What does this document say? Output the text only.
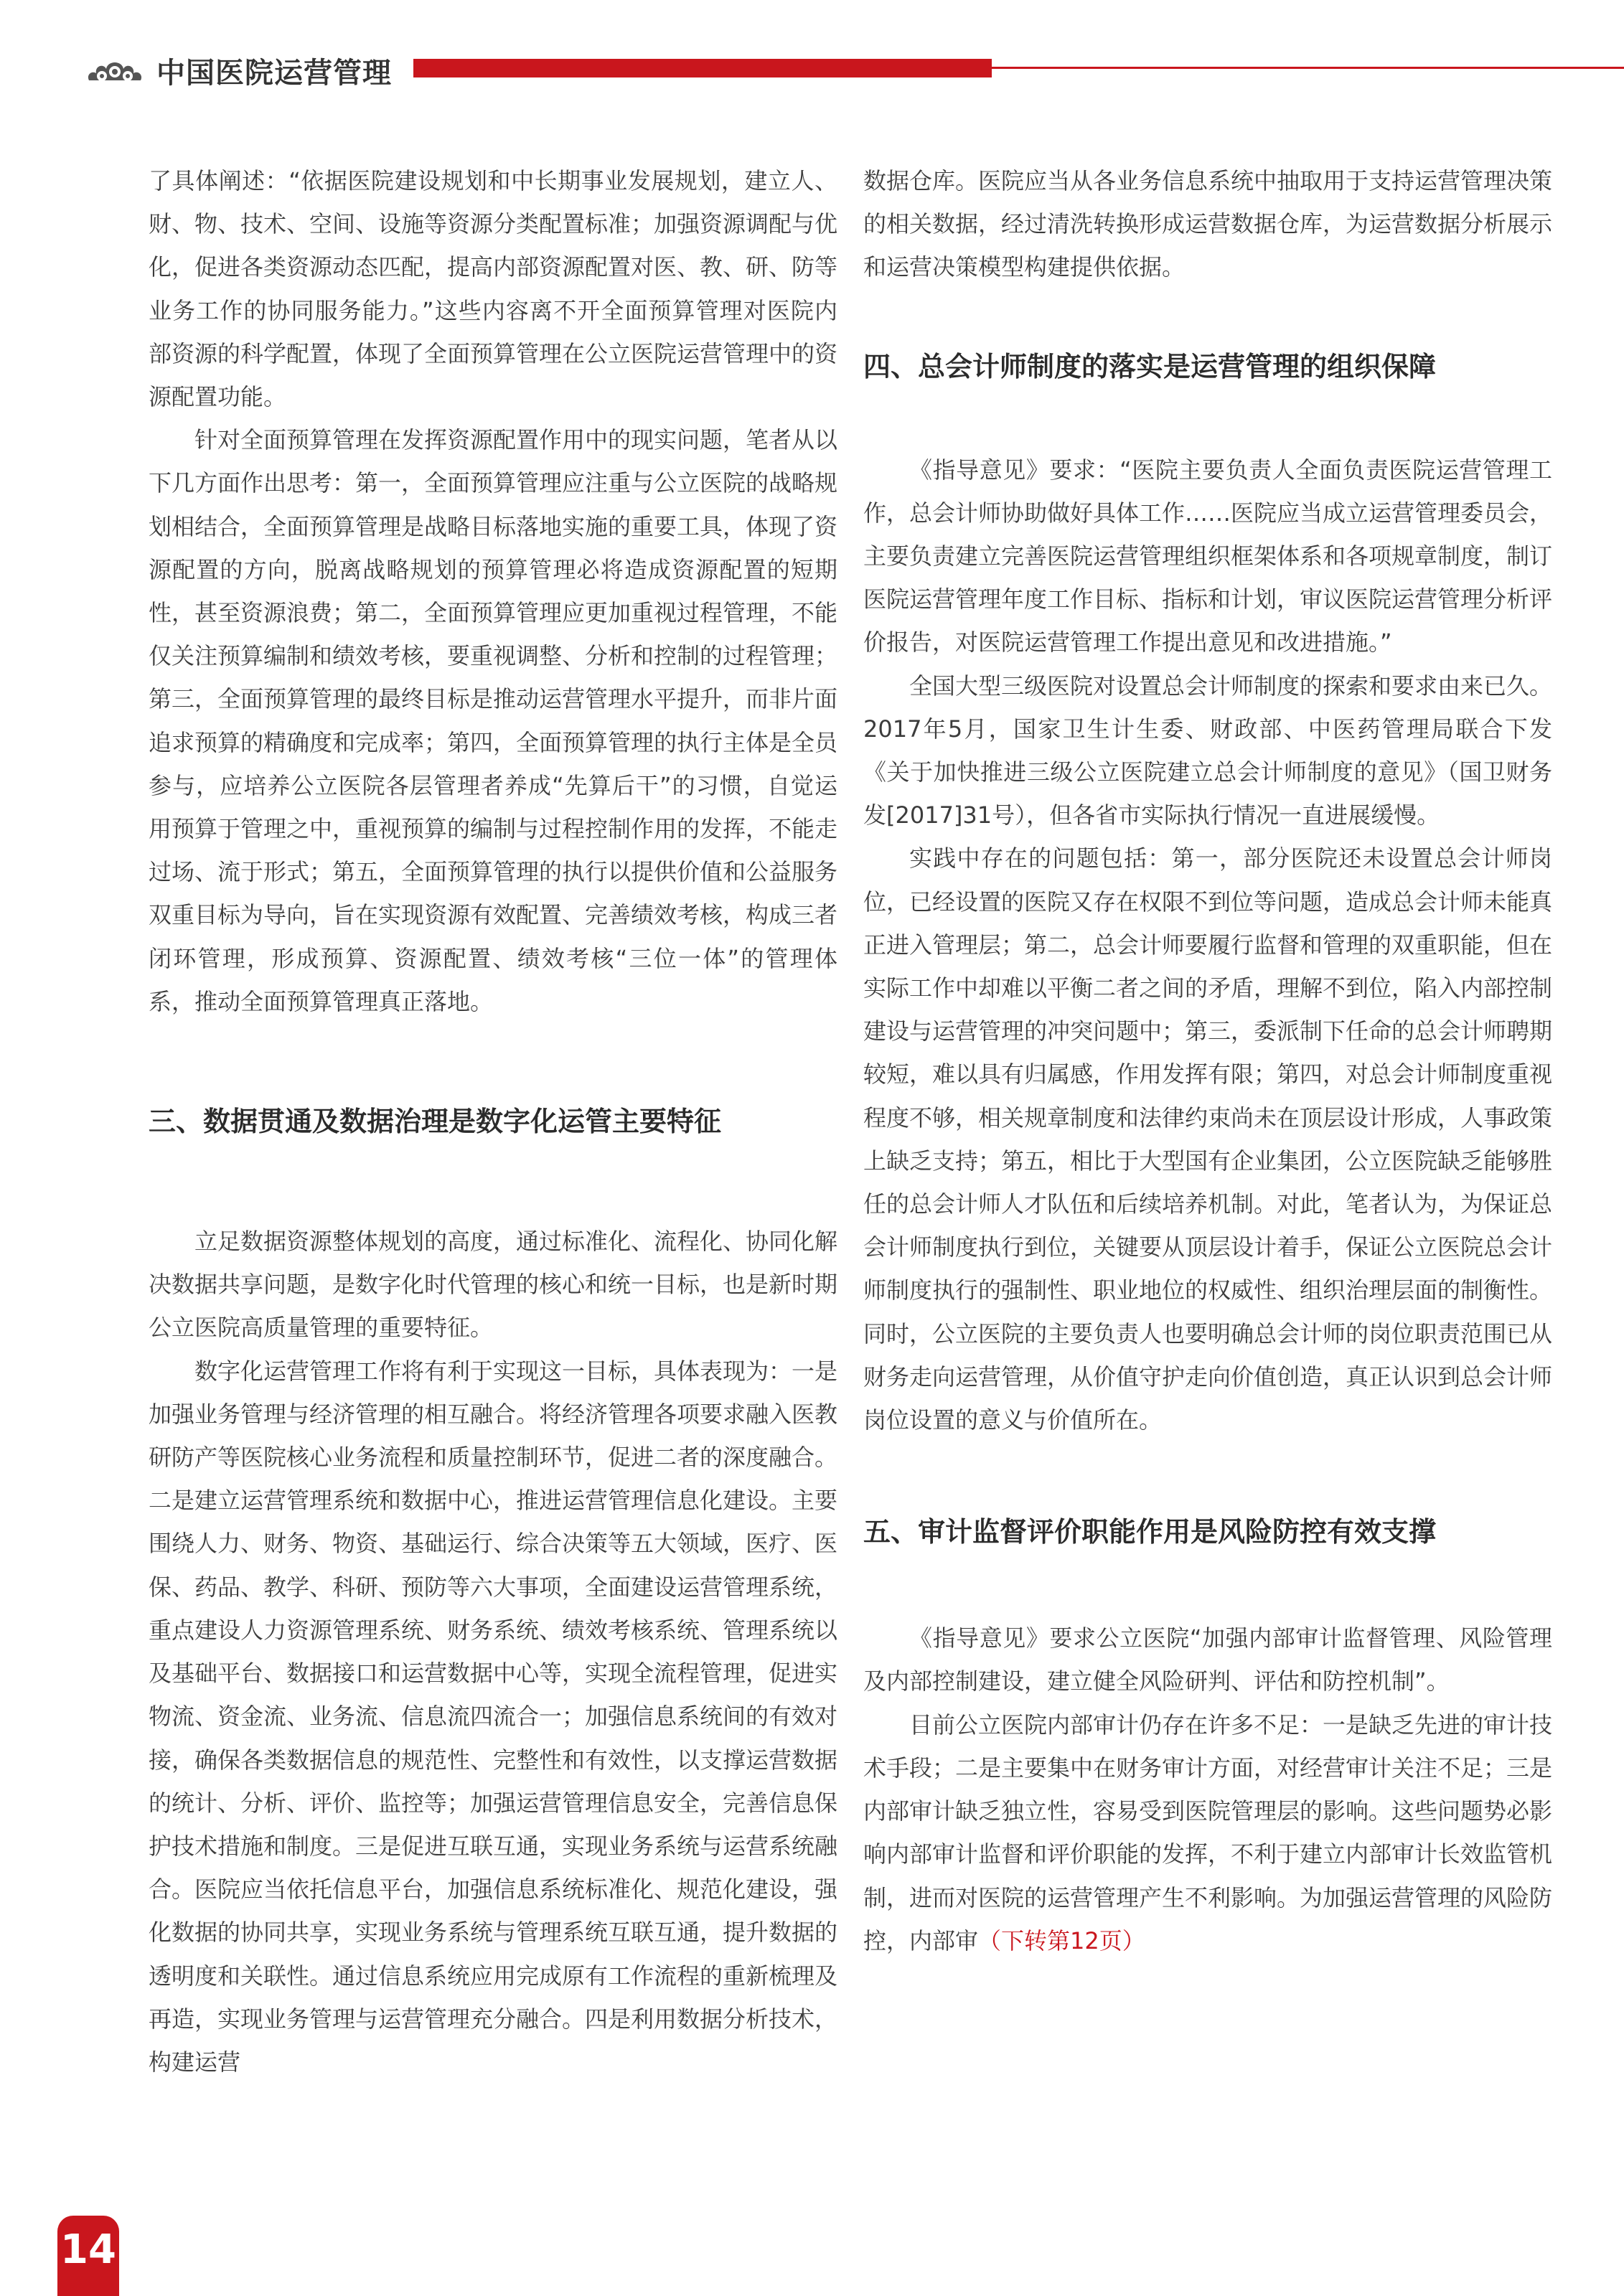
中国医院运营管理

了具体阐述：“依据医院建设规划和中长期事业发展规划，建立人、财、物、技术、空间、设施等资源分类配置标准；加强资源调配与优化，促进各类资源动态匹配，提高内部资源配置对医、教、研、防等业务工作的协同服务能力。”这些内容离不开全面预算管理对医院内部资源的科学配置，体现了全面预算管理在公立医院运营管理中的资源配置功能。

针对全面预算管理在发挥资源配置作用中的现实问题，笔者从以下几方面作出思考：第一，全面预算管理应注重与公立医院的战略规划相结合，全面预算管理是战略目标落地实施的重要工具，体现了资源配置的方向，脱离战略规划的预算管理必将造成资源配置的短期性，甚至资源浪费；第二，全面预算管理应更加重视过程管理，不能仅关注预算编制和绩效考核，要重视调整、分析和控制的过程管理；第三，全面预算管理的最终目标是推动运营管理水平提升，而非片面追求预算的精确度和完成率；第四，全面预算管理的执行主体是全员参与，应培养公立医院各层管理者养成“先算后干”的习惯，自觉运用预算于管理之中，重视预算的编制与过程控制作用的发挥，不能走过场、流于形式；第五，全面预算管理的执行以提供价值和公益服务双重目标为导向，旨在实现资源有效配置、完善绩效考核，构成三者闭环管理，形成预算、资源配置、绩效考核“三位一体”的管理体系，推动全面预算管理真正落地。

三、数据贯通及数据治理是数字化运管主要特征

立足数据资源整体规划的高度，通过标准化、流程化、协同化解决数据共享问题，是数字化时代管理的核心和统一目标，也是新时期公立医院高质量管理的重要特征。

数字化运营管理工作将有利于实现这一目标，具体表现为：一是加强业务管理与经济管理的相互融合。将经济管理各项要求融入医教研防产等医院核心业务流程和质量控制环节，促进二者的深度融合。二是建立运营管理系统和数据中心，推进运营管理信息化建设。主要围绕人力、财务、物资、基础运行、综合决策等五大领域，医疗、医保、药品、教学、科研、预防等六大事项，全面建设运营管理系统，重点建设人力资源管理系统、财务系统、绩效考核系统、管理系统以及基础平台、数据接口和运营数据中心等，实现全流程管理，促进实物流、资金流、业务流、信息流四流合一；加强信息系统间的有效对接，确保各类数据信息的规范性、完整性和有效性，以支撑运营数据的统计、分析、评价、监控等；加强运营管理信息安全，完善信息保护技术措施和制度。三是促进互联互通，实现业务系统与运营系统融合。医院应当依托信息平台，加强信息系统标准化、规范化建设，强化数据的协同共享，实现业务系统与管理系统互联互通，提升数据的透明度和关联性。通过信息系统应用完成原有工作流程的重新梳理及再造，实现业务管理与运营管理充分融合。四是利用数据分析技术，构建运营

数据仓库。医院应当从各业务信息系统中抽取用于支持运营管理决策的相关数据，经过清洗转换形成运营数据仓库，为运营数据分析展示和运营决策模型构建提供依据。

四、总会计师制度的落实是运营管理的组织保障

《指导意见》要求：“医院主要负责人全面负责医院运营管理工作，总会计师协助做好具体工作……医院应当成立运营管理委员会，主要负责建立完善医院运营管理组织框架体系和各项规章制度，制订医院运营管理年度工作目标、指标和计划，审议医院运营管理分析评价报告，对医院运营管理工作提出意见和改进措施。”

全国大型三级医院对设置总会计师制度的探索和要求由来已久。2017年5月，国家卫生计生委、财政部、中医药管理局联合下发《关于加快推进三级公立医院建立总会计师制度的意见》（国卫财务发[2017]31号），但各省市实际执行情况一直进展缓慢。

实践中存在的问题包括：第一，部分医院还未设置总会计师岗位，已经设置的医院又存在权限不到位等问题，造成总会计师未能真正进入管理层；第二，总会计师要履行监督和管理的双重职能，但在实际工作中却难以平衡二者之间的矛盾，理解不到位，陷入内部控制建设与运营管理的冲突问题中；第三，委派制下任命的总会计师聘期较短，难以具有归属感，作用发挥有限；第四，对总会计师制度重视程度不够，相关规章制度和法律约束尚未在顶层设计形成，人事政策上缺乏支持；第五，相比于大型国有企业集团，公立医院缺乏能够胜任的总会计师人才队伍和后续培养机制。对此，笔者认为，为保证总会计师制度执行到位，关键要从顶层设计着手，保证公立医院总会计师制度执行的强制性、职业地位的权威性、组织治理层面的制衡性。同时，公立医院的主要负责人也要明确总会计师的岗位职责范围已从财务走向运营管理，从价值守护走向价值创造，真正认识到总会计师岗位设置的意义与价值所在。

五、审计监督评价职能作用是风险防控有效支撑

《指导意见》要求公立医院“加强内部审计监督管理、风险管理及内部控制建设，建立健全风险研判、评估和防控机制”。

目前公立医院内部审计仍存在许多不足：一是缺乏先进的审计技术手段；二是主要集中在财务审计方面，对经营审计关注不足；三是内部审计缺乏独立性，容易受到医院管理层的影响。这些问题势必影响内部审计监督和评价职能的发挥，不利于建立内部审计长效监管机制，进而对医院的运营管理产生不利影响。为加强运营管理的风险防控，内部审（下转第12页）

14
